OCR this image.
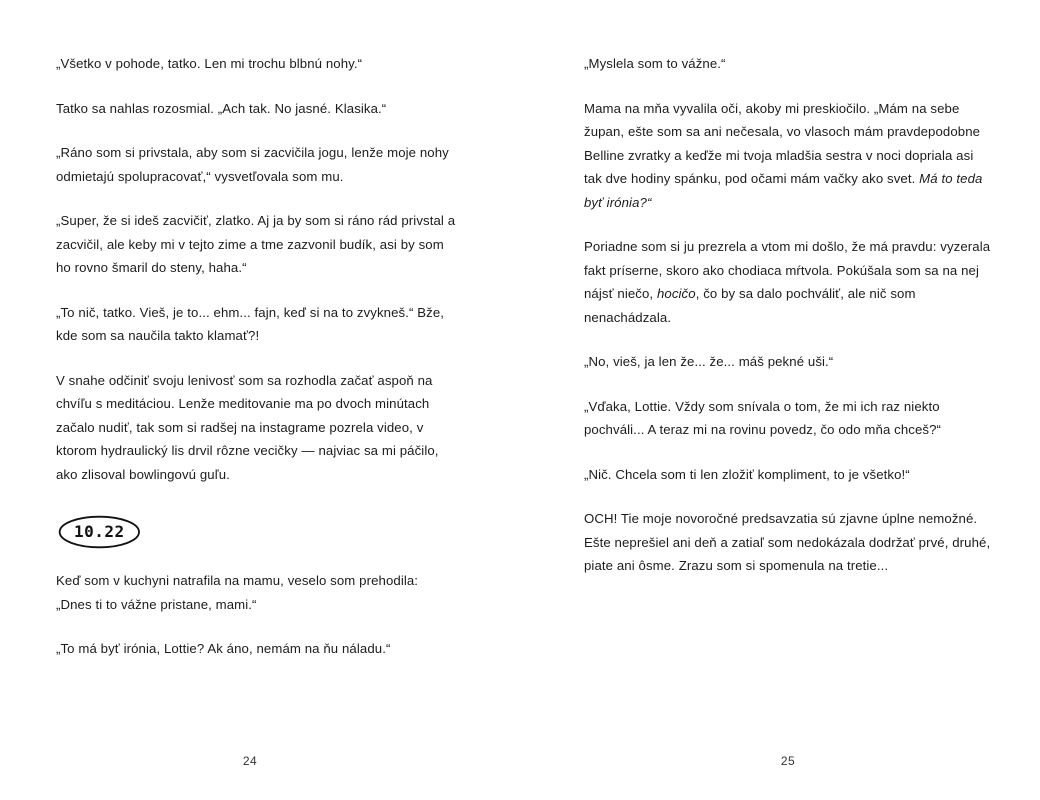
„Všetko v pohode, tatko. Len mi trochu blbnú nohy.“

Tatko sa nahlas rozosmial. „Ach tak. No jasné. Klasika.“

„Ráno som si privstala, aby som si zacvičila jogu, lenže moje nohy odmietajú spolupracovať,“ vysvetľovala som mu.

„Super, že si ideš zacvičiť, zlatko. Aj ja by som si ráno rád privstal a zacvičil, ale keby mi v tejto zime a tme zazvonil budík, asi by som ho rovno šmaril do steny, haha.“

„To nič, tatko. Vieš, je to... ehm... fajn, keď si na to zvykneš.“ Bže, kde som sa naučila takto klamať?!

V snahe odčiniť svoju lenivosť som sa rozhodla začať aspoň na chvíľu s meditáciou. Lenže meditovanie ma po dvoch minútach začalo nudiť, tak som si radšej na instagrame pozrela video, v ktorom hydraulický lis drvil rôzne vecičky — najviac sa mi páčilo, ako zlisoval bowlingovú guľu.

10.22

Keď som v kuchyni natrafila na mamu, veselo som prehodila: „Dnes ti to vážne pristane, mami.“

„To má byť irónia, Lottie? Ak áno, nemám na ňu náladu.“

24

„Myslela som to vážne.“

Mama na mňa vyvalila oči, akoby mi preskiočilo. „Mám na sebe župan, ešte som sa ani nečesala, vo vlasoch mám pravdepodobne Belline zvratky a keďže mi tvoja mladšia sestra v noci dopriala asi tak dve hodiny spánku, pod očami mám vačky ako svet. Má to teda byť irónia?“

Poriadne som si ju prezrela a vtom mi došlo, že má pravdu: vyzerala fakt príserne, skoro ako chodiaca mŕtvola. Pokúšala som sa na nej nájsť niečo, hocičo, čo by sa dalo pochváliť, ale nič som nenachádzala.

„No, vieš, ja len že... že... máš pekné uši.“

„Vďaka, Lottie. Vždy som snívala o tom, že mi ich raz niekto pochváli... A teraz mi na rovinu povedz, čo odo mňa chceš?“

„Nič. Chcela som ti len zložiť kompliment, to je všetko!“

OCH! Tie moje novoročné predsavzatia sú zjavne úplne nemožné. Ešte neprešiel ani deň a zatiaľ som nedokázala dodržať prvé, druhé, piate ani ôsme. Zrazu som si spomenula na tretie...

25
